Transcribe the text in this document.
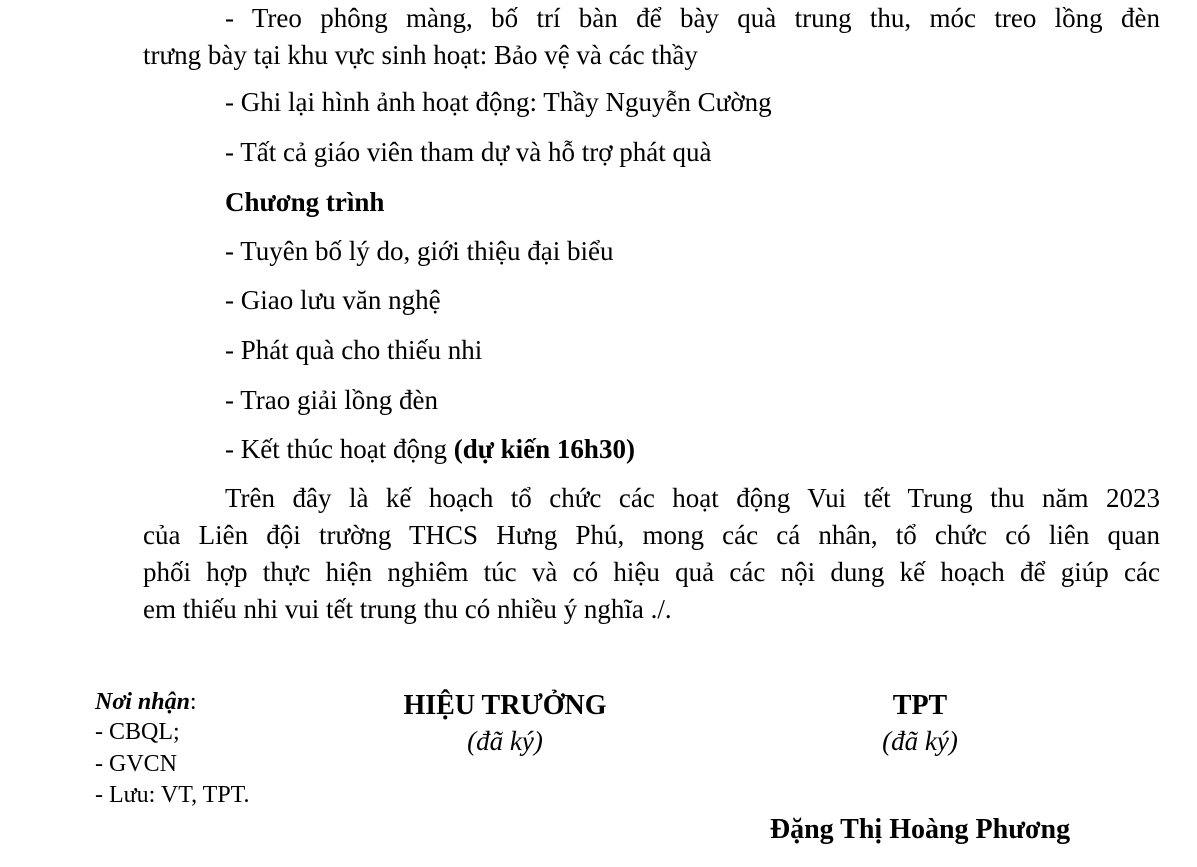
- Treo phông màng, bố trí bàn để bày quà trung thu, móc treo lồng đèn
trưng bày tại khu vực sinh hoạt: Bảo vệ và các thầy
- Ghi lại hình ảnh hoạt động: Thầy Nguyễn Cường
- Tất cả giáo viên tham dự và hỗ trợ phát quà
Chương trình
- Tuyên bố lý do, giới thiệu đại biểu
- Giao lưu văn nghệ
- Phát quà cho thiếu nhi
- Trao giải lồng đèn
- Kết thúc hoạt động (dự kiến 16h30)
Trên đây là kế hoạch tổ chức các hoạt động Vui tết Trung thu năm 2023
của Liên đội trường THCS Hưng Phú, mong các cá nhân, tổ chức có liên quan
phối hợp thực hiện nghiêm túc và có hiệu quả các nội dung kế hoạch để giúp các
em thiếu nhi vui tết trung thu có nhiều ý nghĩa ./.
Nơi nhận:
- CBQL;
- GVCN
- Lưu: VT, TPT.
HIỆU TRƯỞNG
(đã ký)
TPT
(đã ký)
Đặng Thị Hoàng Phương
